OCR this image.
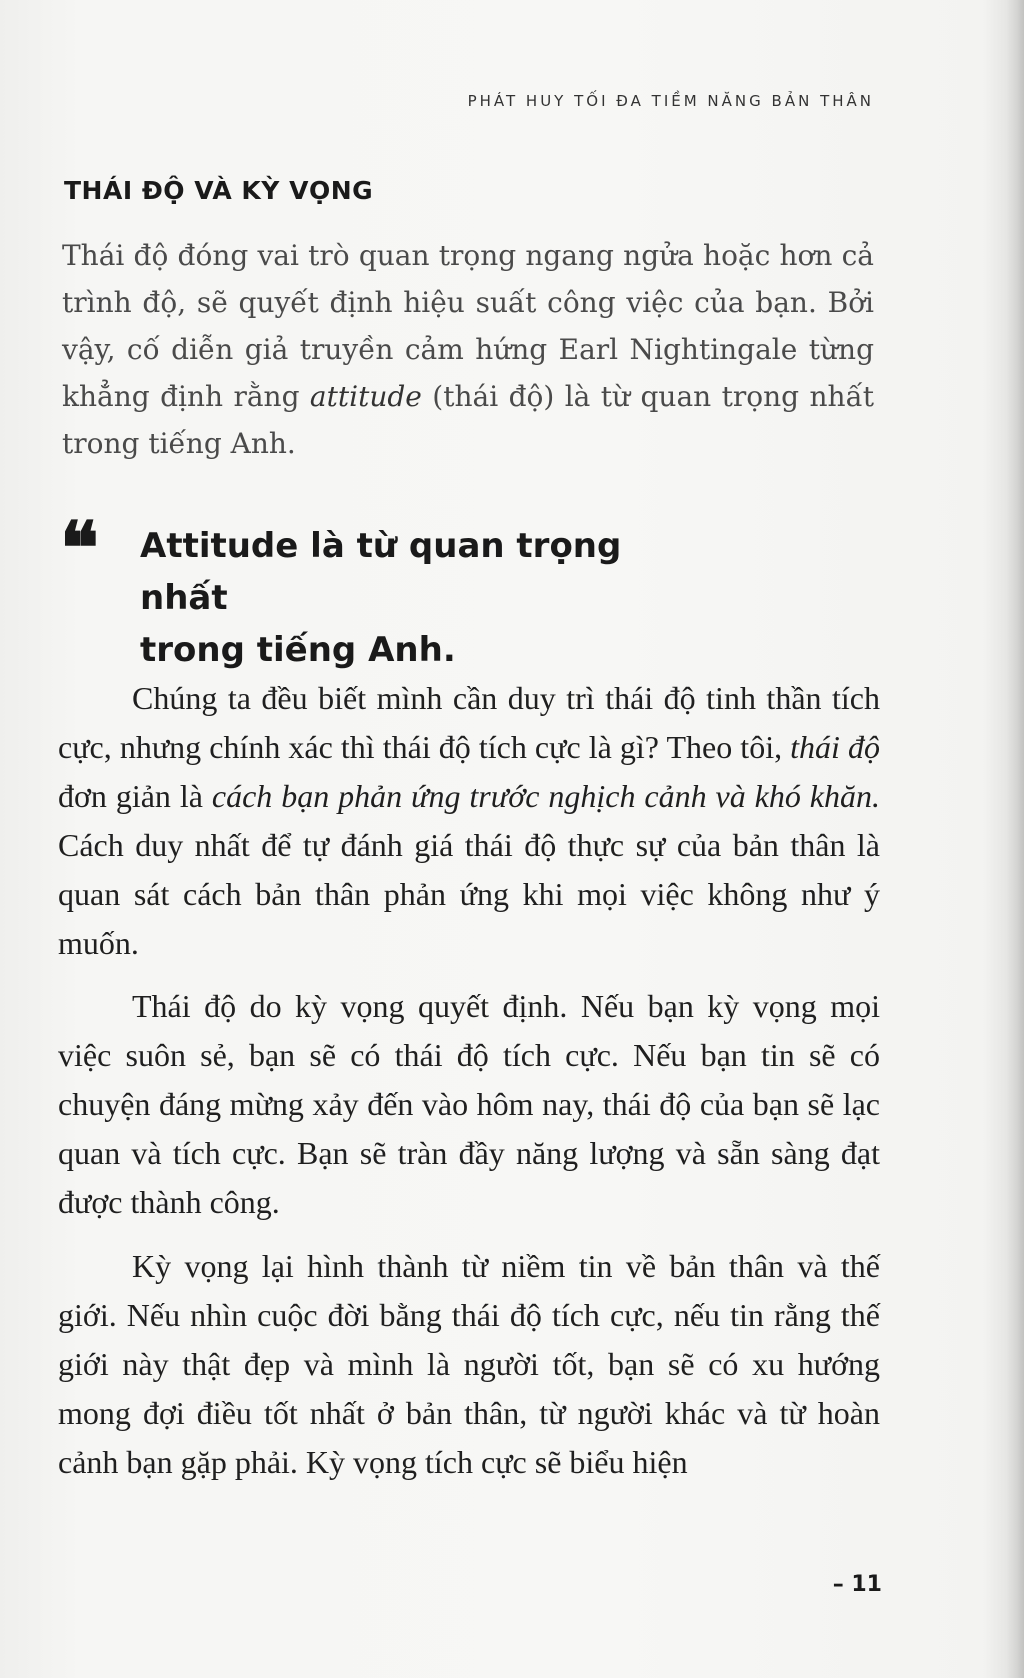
PHÁT HUY TỐI ĐA TIỀM NĂNG BẢN THÂN
THÁI ĐỘ VÀ KỲ VỌNG

Thái độ đóng vai trò quan trọng ngang ngửa hoặc hơn cả trình độ, sẽ quyết định hiệu suất công việc của bạn. Bởi vậy, cố diễn giả truyền cảm hứng Earl Nightingale từng khẳng định rằng attitude (thái độ) là từ quan trọng nhất trong tiếng Anh.

❝ Attitude là từ quan trọng nhất
trong tiếng Anh.

Chúng ta đều biết mình cần duy trì thái độ tinh thần tích cực, nhưng chính xác thì thái độ tích cực là gì? Theo tôi, thái độ đơn giản là cách bạn phản ứng trước nghịch cảnh và khó khăn. Cách duy nhất để tự đánh giá thái độ thực sự của bản thân là quan sát cách bản thân phản ứng khi mọi việc không như ý muốn.

Thái độ do kỳ vọng quyết định. Nếu bạn kỳ vọng mọi việc suôn sẻ, bạn sẽ có thái độ tích cực. Nếu bạn tin sẽ có chuyện đáng mừng xảy đến vào hôm nay, thái độ của bạn sẽ lạc quan và tích cực. Bạn sẽ tràn đầy năng lượng và sẵn sàng đạt được thành công.

Kỳ vọng lại hình thành từ niềm tin về bản thân và thế giới. Nếu nhìn cuộc đời bằng thái độ tích cực, nếu tin rằng thế giới này thật đẹp và mình là người tốt, bạn sẽ có xu hướng mong đợi điều tốt nhất ở bản thân, từ người khác và từ hoàn cảnh bạn gặp phải. Kỳ vọng tích cực sẽ biểu hiện

– 11
